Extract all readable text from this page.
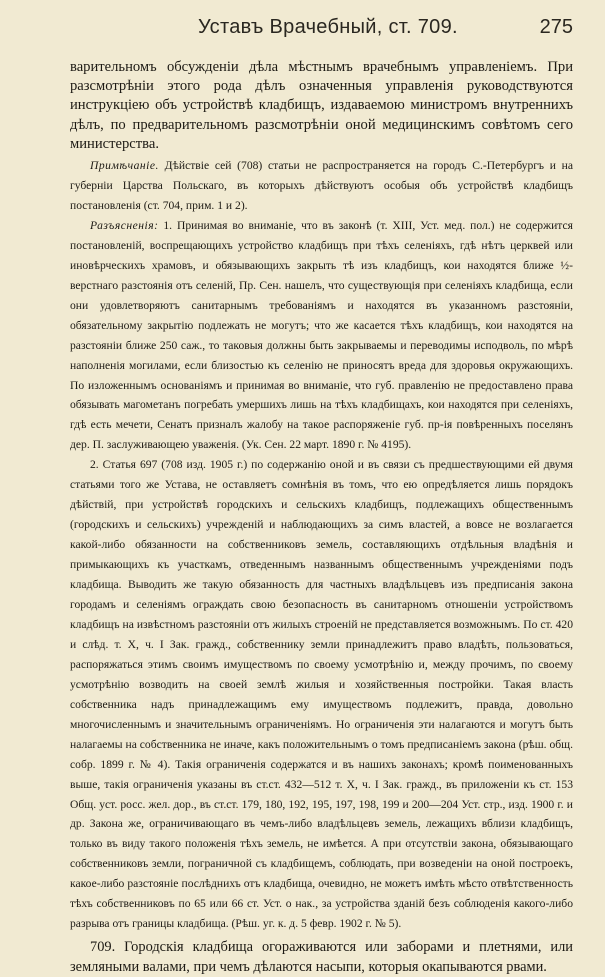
Уставъ Врачебный, ст. 709.	275

варительномъ обсужденіи дѣла мѣстнымъ врачебнымъ управленіемъ. При разсмотрѣніи этого рода дѣлъ означенныя управленія руководствуются инструкціею объ устройствѣ кладбищъ, издаваемою министромъ внутреннихъ дѣлъ, по предварительномъ разсмотрѣніи оной медицинскимъ совѣтомъ сего министерства.

Примѣчаніе. Дѣйствіе сей (708) статьи не распространяется на городъ С.-Петербургъ и на губерніи Царства Польскаго, въ которыхъ дѣйствуютъ особыя объ устройствѣ кладбищъ постановленія (ст. 704, прим. 1 и 2).

Разъясненія: 1. Принимая во вниманіе, что въ законѣ (т. XIII, Уст. мед. пол.) не содержится постановленій, воспрещающихъ устройство кладбищъ при тѣхъ селеніяхъ, гдѣ нѣтъ церквей или иновѣрческихъ храмовъ, и обязывающихъ закрыть тѣ изъ кладбищъ, кои находятся ближе ½-верстнаго разстоянія отъ селеній, Пр. Сен. нашелъ, что существующія при селеніяхъ кладбища, если они удовлетворяютъ санитарнымъ требованіямъ и находятся въ указанномъ разстояніи, обязательному закрытію подлежать не могутъ; что же касается тѣхъ кладбищъ, кои находятся на разстояніи ближе 250 саж., то таковыя должны быть закрываемы и переводимы исподволь, по мѣрѣ наполненія могилами, если близостью къ селенію не приносятъ вреда для здоровья окружающихъ. По изложеннымъ основаніямъ и принимая во вниманіе, что губ. правленію не предоставлено права обязывать магометанъ погребать умершихъ лишь на тѣхъ кладбищахъ, кои находятся при селеніяхъ, гдѣ есть мечети, Сенатъ призналъ жалобу на такое распоряженіе губ. пр-ія повѣренныхъ поселянъ дер. П. заслуживающею уваженія. (Ук. Сен. 22 март. 1890 г. № 4195).

2. Статья 697 (708 изд. 1905 г.) по содержанію оной и въ связи съ предшествующими ей двумя статьями того же Устава, не оставляетъ сомнѣнія въ томъ, что ею опредѣляется лишь порядокъ дѣйствій, при устройствѣ городскихъ и сельскихъ кладбищъ, подлежащихъ общественнымъ (городскихъ и сельскихъ) учрежденій и наблюдающихъ за симъ властей, а вовсе не возлагается какой-либо обязанности на собственниковъ земель, составляющихъ отдѣльныя владѣнія и примыкающихъ къ участкамъ, отведеннымъ названнымъ общественнымъ учрежденіями подъ кладбища. Выводить же такую обязанность для частныхъ владѣльцевъ изъ предписанія закона городамъ и селеніямъ ограждать свою безопасность въ санитарномъ отношеніи устройствомъ кладбищъ на извѣстномъ разстояніи отъ жилыхъ строеній не представляется возможнымъ. По ст. 420 и слѣд. т. X, ч. I Зак. гражд., собственнику земли принадлежитъ право владѣть, пользоваться, распоряжаться этимъ своимъ имуществомъ по своему усмотрѣнію и, между прочимъ, по своему усмотрѣнію возводить на своей землѣ жилыя и хозяйственныя постройки. Такая власть собственника надъ принадлежащимъ ему имуществомъ подлежитъ, правда, довольно многочисленнымъ и значительнымъ ограниченіямъ. Но ограниченія эти налагаются и могутъ быть налагаемы на собственника не иначе, какъ положительнымъ о томъ предписаніемъ закона (рѣш. общ. собр. 1899 г. № 4). Такія ограниченія содержатся и въ нашихъ законахъ; кромѣ поименованныхъ выше, такія ограниченія указаны въ ст.ст. 432—512 т. X, ч. I Зак. гражд., въ приложеніи къ ст. 153 Общ. уст. росс. жел. дор., въ ст.ст. 179, 180, 192, 195, 197, 198, 199 и 200—204 Уст. стр., изд. 1900 г. и др. Закона же, ограничивающаго въ чемъ-либо владѣльцевъ земель, лежащихъ вблизи кладбищъ, только въ виду такого положенія тѣхъ земель, не имѣется. А при отсутствіи закона, обязывающаго собственниковъ земли, пограничной съ кладбищемъ, соблюдать, при возведеніи на оной построекъ, какое-либо разстояніе послѣднихъ отъ кладбища, очевидно, не можетъ имѣть мѣсто отвѣтственность тѣхъ собственниковъ по 65 или 66 ст. Уст. о нак., за устройства зданій безъ соблюденія какого-либо разрыва отъ границы кладбища. (Рѣш. уг. к. д. 5 февр. 1902 г. № 5).

709. Городскія кладбища огораживаются или заборами и плетнями, или земляными валами, при чемъ дѣлаются насыпи, которыя окапываются рвами.
